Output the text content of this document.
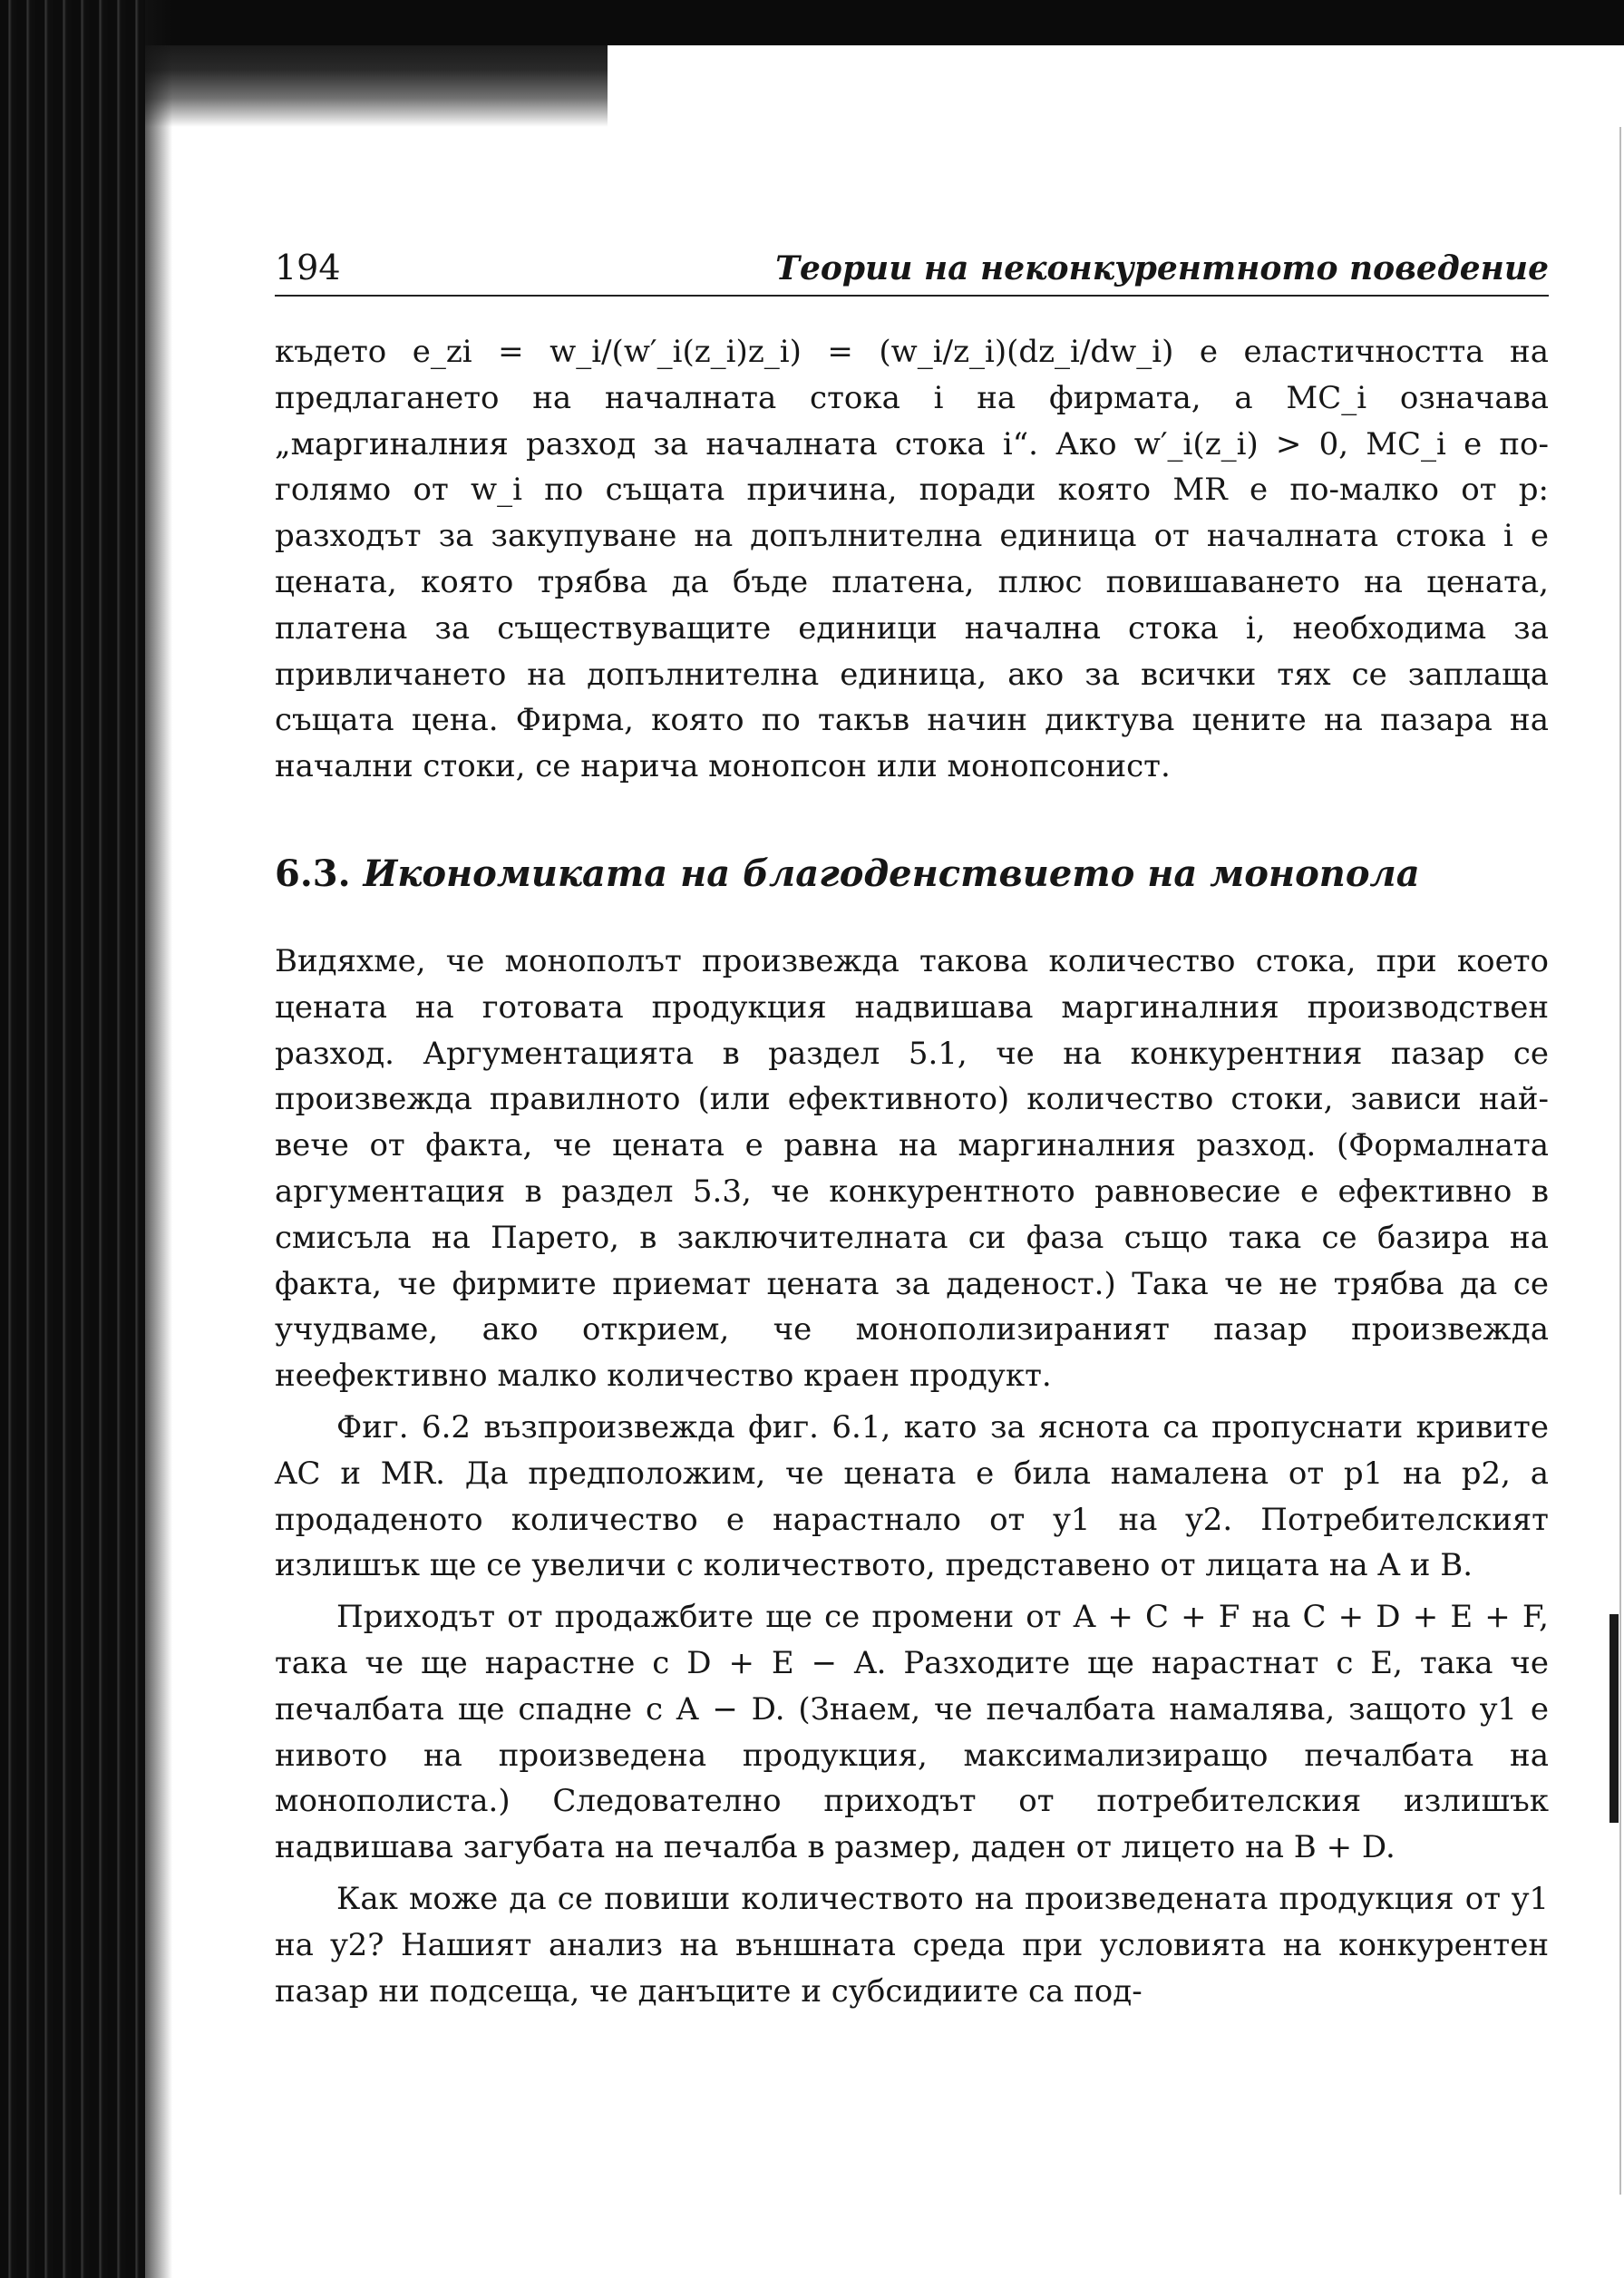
194	Теории на неконкурентното поведение

където e_zi = w_i/(w′_i(z_i)z_i) = (w_i/z_i)(dz_i/dw_i) е еластичността на предлагането на началната стока i на фирмата, а MC_i означава „маргиналния разход за началната стока i“. Ако w′_i(z_i) > 0, MC_i е по-голямо от w_i по същата причина, поради която MR е по-малко от p: разходът за закупуване на допълнителна единица от началната стока i е цената, която трябва да бъде платена, плюс повишаването на цената, платена за съществуващите единици начална стока i, необходима за привличането на допълнителна единица, ако за всички тях се заплаща същата цена. Фирма, която по такъв начин диктува цените на пазара на начални стоки, се нарича монопсон или монопсонист.

6.3. Икономиката на благоденствието на монопола

Видяхме, че монополът произвежда такова количество стока, при което цената на готовата продукция надвишава маргиналния производствен разход. Аргументацията в раздел 5.1, че на конкурентния пазар се произвежда правилното (или ефективното) количество стоки, зависи най-вече от факта, че цената е равна на маргиналния разход. (Формалната аргументация в раздел 5.3, че конкурентното равновесие е ефективно в смисъла на Парето, в заключителната си фаза също така се базира на факта, че фирмите приемат цената за даденост.) Така че не трябва да се учудваме, ако открием, че монополизираният пазар произвежда неефективно малко количество краен продукт.

Фиг. 6.2 възпроизвежда фиг. 6.1, като за яснота са пропуснати кривите AC и MR. Да предположим, че цената е била намалена от p1 на p2, а продаденото количество е нарастнало от y1 на y2. Потребителският излишък ще се увеличи с количеството, представено от лицата на A и B.

Приходът от продажбите ще се промени от A + C + F на C + D + E + F, така че ще нарастне с D + E − A. Разходите ще нарастнат с E, така че печалбата ще спадне с A − D. (Знаем, че печалбата намалява, защото y1 е нивото на произведена продукция, максимализиращо печалбата на монополиста.) Следователно приходът от потребителския излишък надвишава загубата на печалба в размер, даден от лицето на B + D.

Как може да се повиши количеството на произведената продукция от y1 на y2? Нашият анализ на външната среда при условията на конкурентен пазар ни подсеща, че данъците и субсидиите са под-
